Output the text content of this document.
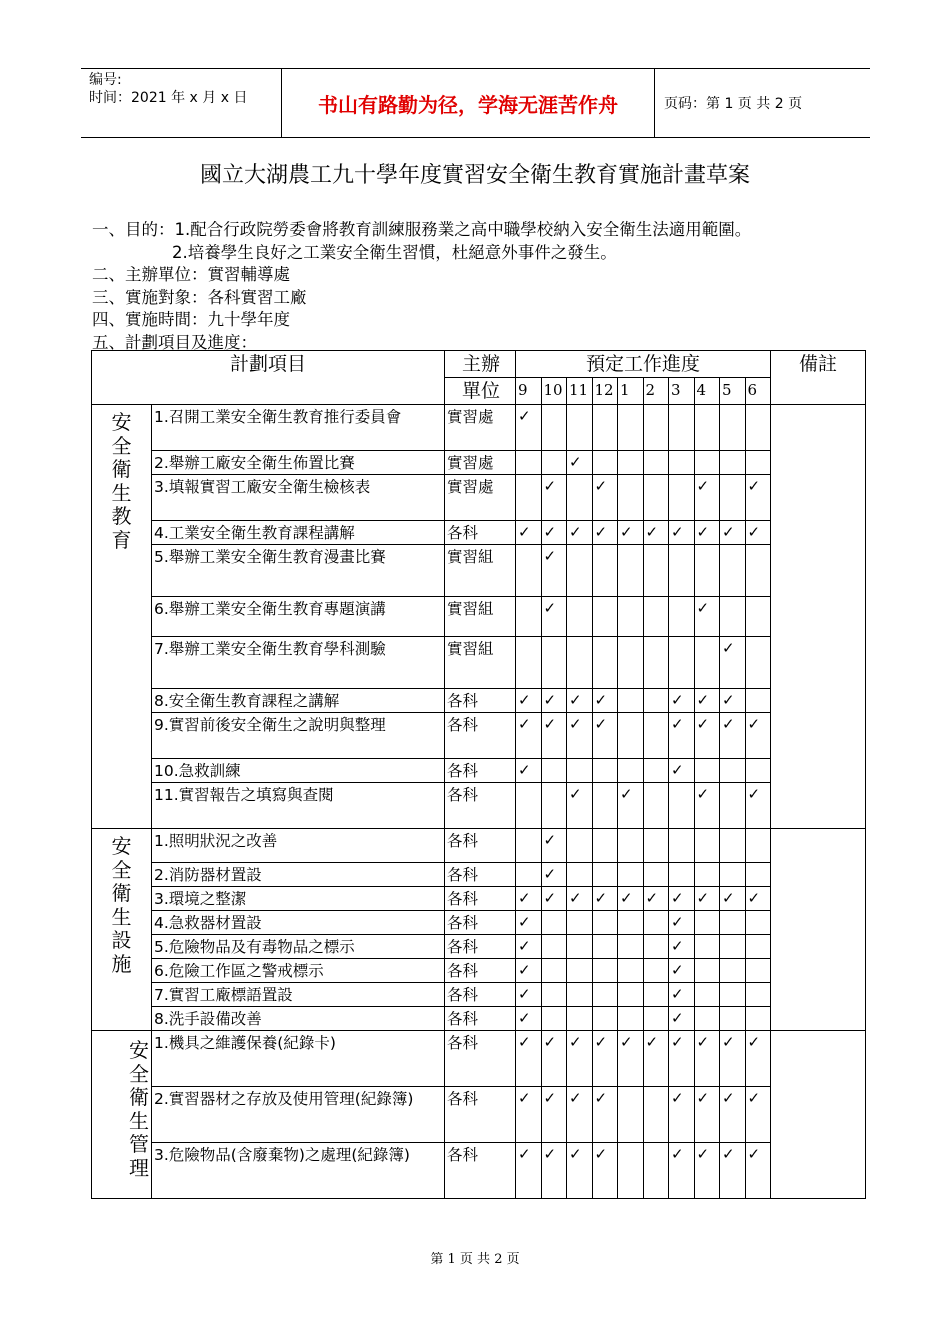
编号:
时间：2021 年 x 月 x 日	书山有路勤为径，学海无涯苦作舟	页码：第 1 页 共 2 页
國立大湖農工九十學年度實習安全衛生教育實施計畫草案
一、目的：1.配合行政院勞委會將教育訓練服務業之高中職學校納入安全衛生法適用範圍。
2.培養學生良好之工業安全衛生習慣，杜絕意外事件之發生。
二、主辦單位：實習輔導處
三、實施對象：各科實習工廠
四、實施時間：九十學年度
五、計劃項目及進度：
計劃項目		主辦	預定工作進度										備註
		單位	9	10	11	12	1	2	3	4	5	6	

安全衛生教育	1.召開工業安全衛生教育推行委員會	實習處	✓										
	2.舉辦工廠安全衛生佈置比賽	實習處			✓								
	3.填報實習工廠安全衛生檢核表	實習處		✓		✓				✓		✓	
	4.工業安全衛生教育課程講解	各科	✓	✓	✓	✓	✓	✓	✓	✓	✓	✓	
	5.舉辦工業安全衛生教育漫畫比賽	實習組		✓									
	6.舉辦工業安全衛生教育專題演講	實習組		✓						✓			
	7.舉辦工業安全衛生教育學科測驗	實習組									✓		
	8.安全衛生教育課程之講解	各科	✓	✓	✓	✓			✓	✓	✓		
	9.實習前後安全衛生之說明與整理	各科	✓	✓	✓	✓			✓	✓	✓	✓	
	10.急救訓練	各科	✓						✓				
	11.實習報告之填寫與查閱	各科			✓		✓			✓		✓	

安全衛生設施	1.照明狀況之改善	各科		✓									
	2.消防器材置設	各科		✓									
	3.環境之整潔	各科	✓	✓	✓	✓	✓	✓	✓	✓	✓	✓	
	4.急救器材置設	各科	✓						✓				
	5.危險物品及有毒物品之標示	各科	✓						✓				
	6.危險工作區之警戒標示	各科	✓						✓				
	7.實習工廠標語置設	各科	✓						✓				
	8.洗手設備改善	各科	✓						✓				

安全衛生管理	1.機具之維護保養(紀錄卡)	各科	✓	✓	✓	✓	✓	✓	✓	✓	✓	✓	
	2.實習器材之存放及使用管理(紀錄簿)	各科	✓	✓	✓	✓			✓	✓	✓	✓	
	3.危險物品(含廢棄物)之處理(紀錄簿)	各科	✓	✓	✓	✓			✓	✓	✓	✓	
第 1 页 共 2 页
